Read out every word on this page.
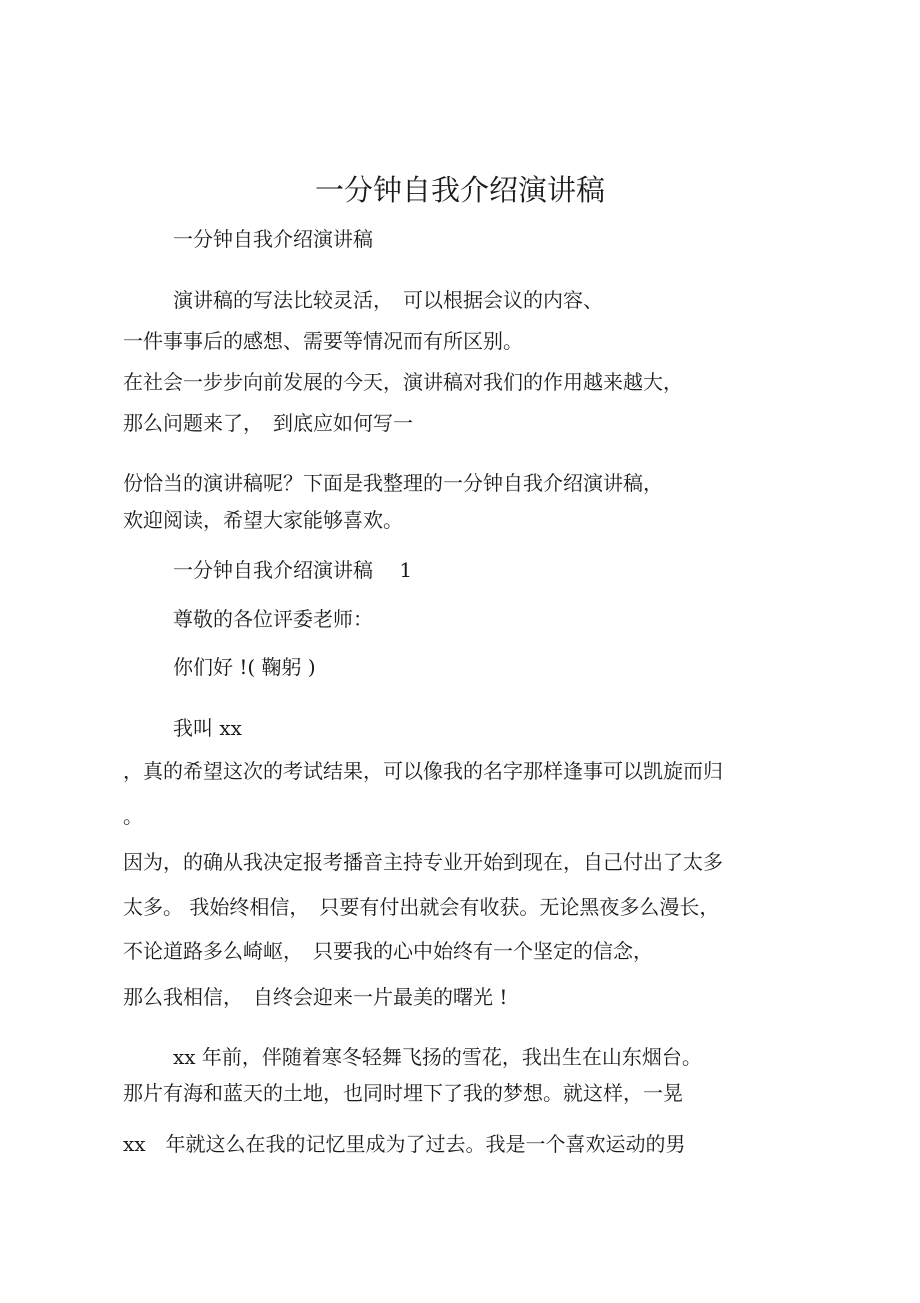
一分钟自我介绍演讲稿
一分钟自我介绍演讲稿
演讲稿的写法比较灵活，　可以根据会议的内容、
一件事事后的感想、需要等情况而有所区别。
在社会一步步向前发展的今天，演讲稿对我们的作用越来越大，
那么问题来了，　到底应如何写一
份恰当的演讲稿呢？下面是我整理的一分钟自我介绍演讲稿，
欢迎阅读，希望大家能够喜欢。
一分钟自我介绍演讲稿　 1
尊敬的各位评委老师：
你们好 !( 鞠躬 )
我叫 xx
，真的希望这次的考试结果，可以像我的名字那样逢事可以凯旋而归
。
因为，的确从我决定报考播音主持专业开始到现在，自己付出了太多
太多。 我始终相信，　只要有付出就会有收获。无论黑夜多么漫长，
不论道路多么崎岖，　只要我的心中始终有一个坚定的信念，
那么我相信，　自终会迎来一片最美的曙光 !
xx 年前，伴随着寒冬轻舞飞扬的雪花，我出生在山东烟台。
那片有海和蓝天的土地，也同时埋下了我的梦想。就这样，一晃
xx　年就这么在我的记忆里成为了过去。我是一个喜欢运动的男
